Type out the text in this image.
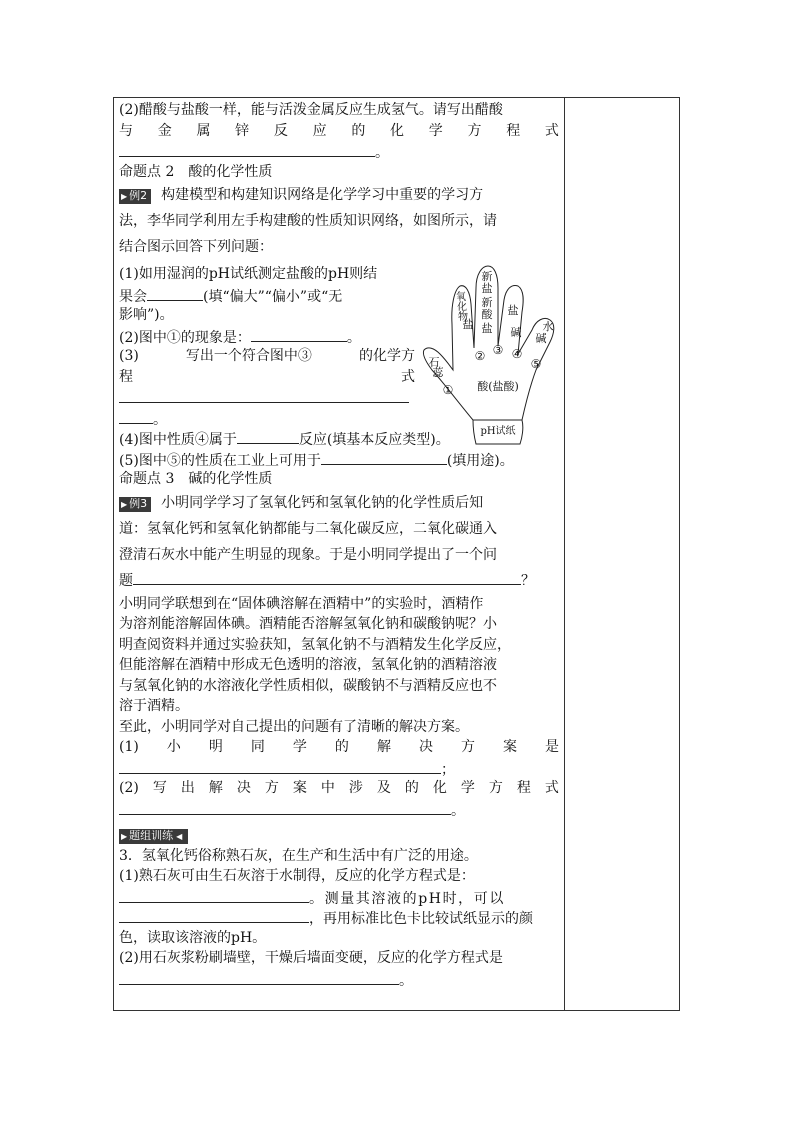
(2)醋酸与盐酸一样，能与活泼金属反应生成氢气。请写出醋酸
与 金 属 锌 反 应 的 化 学 方 程 式
。
命题点 2　酸的化学性质
▶ 例2 构建模型和构建知识网络是化学学习中重要的学习方
法，李华同学利用左手构建酸的性质知识网络，如图所示，请
结合图示回答下列问题：
(1)如用湿润的pH试纸测定盐酸的pH则结
果会	(填“偏大”“偏小”或“无
影响”)。
(2)图中①的现象是：	。
(3)	写出一个符合图中③	的化学方
程	式
。
(4)图中性质④属于	反应(填基本反应类型)。
(5)图中⑤的性质在工业上可用于	(填用途)。
命题点 3　碱的化学性质
▶ 例3 小明同学学习了氢氧化钙和氢氧化钠的化学性质后知
道：氢氧化钙和氢氧化钠都能与二氧化碳反应，二氧化碳通入
澄清石灰水中能产生明显的现象。于是小明同学提出了一个问
题	？
小明同学联想到在“固体碘溶解在酒精中”的实验时，酒精作
为溶剂能溶解固体碘。酒精能否溶解氢氧化钠和碳酸钠呢？小
明查阅资料并通过实验获知，氢氧化钠不与酒精发生化学反应，
但能溶解在酒精中形成无色透明的溶液，氢氧化钠的酒精溶液
与氢氧化钠的水溶液化学性质相似，碳酸钠不与酒精反应也不
溶于酒精。
至此，小明同学对自己提出的问题有了清晰的解决方案。
(1) 小 明 同 学 的 解 决 方 案 是
；
(2) 写 出 解 决 方 案 中 涉 及 的 化 学 方 程 式
。
▶ 题组训练 ◀
3．氢氧化钙俗称熟石灰，在生产和生活中有广泛的用途。
(1)熟石灰可由生石灰溶于水制得，反应的化学方程式是：
。测量其溶液的pH时，可以
，再用标准比色卡比较试纸显示的颜
色，读取该溶液的pH。
(2)用石灰浆粉刷墙壁，干燥后墙面变硬，反应的化学方程式是
。
酸(盐酸)
pH试纸
石
蕊
氧
化
物
盐
新
盐
新
酸
盐
盐
碱 水
碱
①
② ③ ④
⑤
